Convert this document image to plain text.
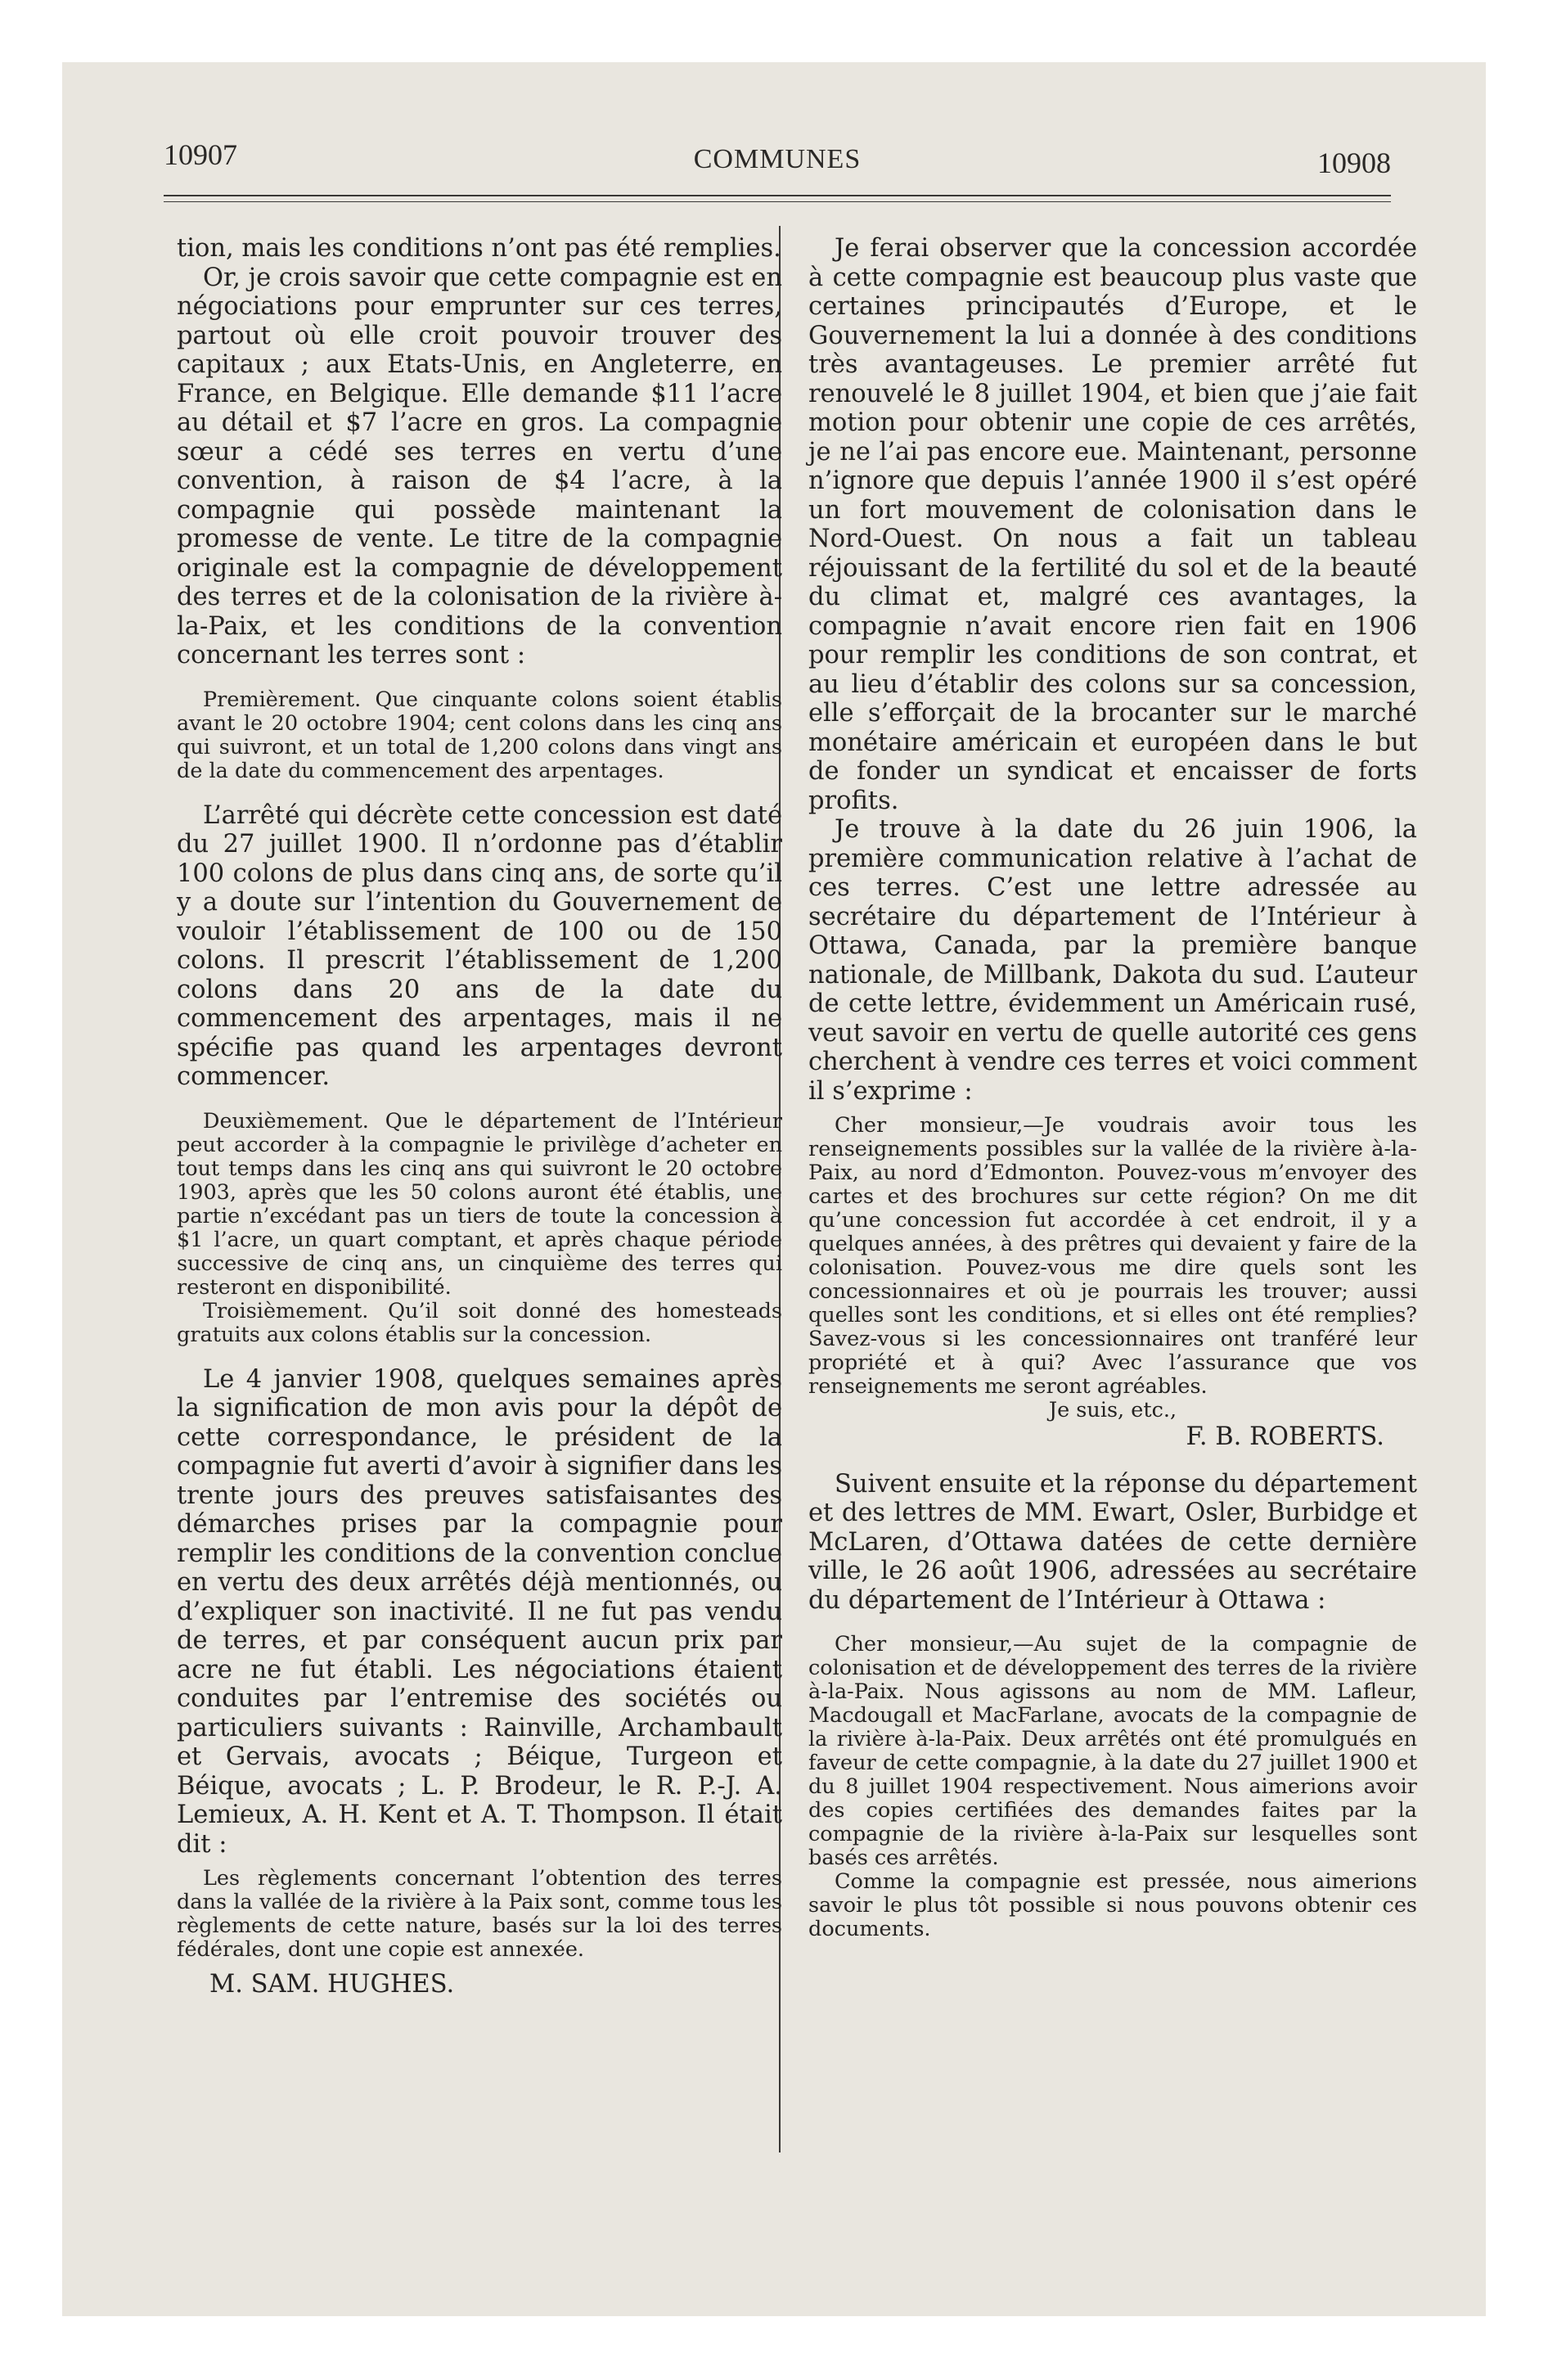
10907	COMMUNES	10908

tion, mais les conditions n’ont pas été remplies.

Or, je crois savoir que cette compagnie est en négociations pour emprunter sur ces terres, partout où elle croit pouvoir trouver des capitaux ; aux Etats-Unis, en Angleterre, en France, en Belgique. Elle demande $11 l’acre au détail et $7 l’acre en gros. La compagnie sœur a cédé ses terres en vertu d’une convention, à raison de $4 l’acre, à la compagnie qui possède maintenant la promesse de vente. Le titre de la compagnie originale est la compagnie de développement des terres et de la colonisation de la rivière à-la-Paix, et les conditions de la convention concernant les terres sont :

Premièrement. Que cinquante colons soient établis avant le 20 octobre 1904; cent colons dans les cinq ans qui suivront, et un total de 1,200 colons dans vingt ans de la date du commencement des arpentages.

L’arrêté qui décrète cette concession est daté du 27 juillet 1900. Il n’ordonne pas d’établir 100 colons de plus dans cinq ans, de sorte qu’il y a doute sur l’intention du Gouvernement de vouloir l’établissement de 100 ou de 150 colons. Il prescrit l’établissement de 1,200 colons dans 20 ans de la date du commencement des arpentages, mais il ne spécifie pas quand les arpentages devront commencer.

Deuxièmement. Que le département de l’Intérieur peut accorder à la compagnie le privilège d’acheter en tout temps dans les cinq ans qui suivront le 20 octobre 1903, après que les 50 colons auront été établis, une partie n’excédant pas un tiers de toute la concession à $1 l’acre, un quart comptant, et après chaque période successive de cinq ans, un cinquième des terres qui resteront en disponibilité.

Troisièmement. Qu’il soit donné des homesteads gratuits aux colons établis sur la concession.

Le 4 janvier 1908, quelques semaines après la signification de mon avis pour la dépôt de cette correspondance, le président de la compagnie fut averti d’avoir à signifier dans les trente jours des preuves satisfaisantes des démarches prises par la compagnie pour remplir les conditions de la convention conclue en vertu des deux arrêtés déjà mentionnés, ou d’expliquer son inactivité. Il ne fut pas vendu de terres, et par conséquent aucun prix par acre ne fut établi. Les négociations étaient conduites par l’entremise des sociétés ou particuliers suivants : Rainville, Archambault et Gervais, avocats ; Béique, Turgeon et Béique, avocats ; L. P. Brodeur, le R. P.-J. A. Lemieux, A. H. Kent et A. T. Thompson. Il était dit :

Les règlements concernant l’obtention des terres dans la vallée de la rivière à la Paix sont, comme tous les règlements de cette nature, basés sur la loi des terres fédérales, dont une copie est annexée.

M. SAM. HUGHES.

Je ferai observer que la concession accordée à cette compagnie est beaucoup plus vaste que certaines principautés d’Europe, et le Gouvernement la lui a donnée à des conditions très avantageuses. Le premier arrêté fut renouvelé le 8 juillet 1904, et bien que j’aie fait motion pour obtenir une copie de ces arrêtés, je ne l’ai pas encore eue. Maintenant, personne n’ignore que depuis l’année 1900 il s’est opéré un fort mouvement de colonisation dans le Nord-Ouest. On nous a fait un tableau réjouissant de la fertilité du sol et de la beauté du climat et, malgré ces avantages, la compagnie n’avait encore rien fait en 1906 pour remplir les conditions de son contrat, et au lieu d’établir des colons sur sa concession, elle s’efforçait de la brocanter sur le marché monétaire américain et européen dans le but de fonder un syndicat et encaisser de forts profits.

Je trouve à la date du 26 juin 1906, la première communication relative à l’achat de ces terres. C’est une lettre adressée au secrétaire du département de l’Intérieur à Ottawa, Canada, par la première banque nationale, de Millbank, Dakota du sud. L’auteur de cette lettre, évidemment un Américain rusé, veut savoir en vertu de quelle autorité ces gens cherchent à vendre ces terres et voici comment il s’exprime :

Cher monsieur,—Je voudrais avoir tous les renseignements possibles sur la vallée de la rivière à-la-Paix, au nord d’Edmonton. Pouvez-vous m’envoyer des cartes et des brochures sur cette région? On me dit qu’une concession fut accordée à cet endroit, il y a quelques années, à des prêtres qui devaient y faire de la colonisation. Pouvez-vous me dire quels sont les concessionnaires et où je pourrais les trouver; aussi quelles sont les conditions, et si elles ont été remplies? Savez-vous si les concessionnaires ont tranféré leur propriété et à qui? Avec l’assurance que vos renseignements me seront agréables.

Je suis, etc.,

F. B. ROBERTS.

Suivent ensuite et la réponse du département et des lettres de MM. Ewart, Osler, Burbidge et McLaren, d’Ottawa datées de cette dernière ville, le 26 août 1906, adressées au secrétaire du département de l’Intérieur à Ottawa :

Cher monsieur,—Au sujet de la compagnie de colonisation et de développement des terres de la rivière à-la-Paix. Nous agissons au nom de MM. Lafleur, Macdougall et MacFarlane, avocats de la compagnie de la rivière à-la-Paix. Deux arrêtés ont été promulgués en faveur de cette compagnie, à la date du 27 juillet 1900 et du 8 juillet 1904 respectivement. Nous aimerions avoir des copies certifiées des demandes faites par la compagnie de la rivière à-la-Paix sur lesquelles sont basés ces arrêtés.

Comme la compagnie est pressée, nous aimerions savoir le plus tôt possible si nous pouvons obtenir ces documents.
